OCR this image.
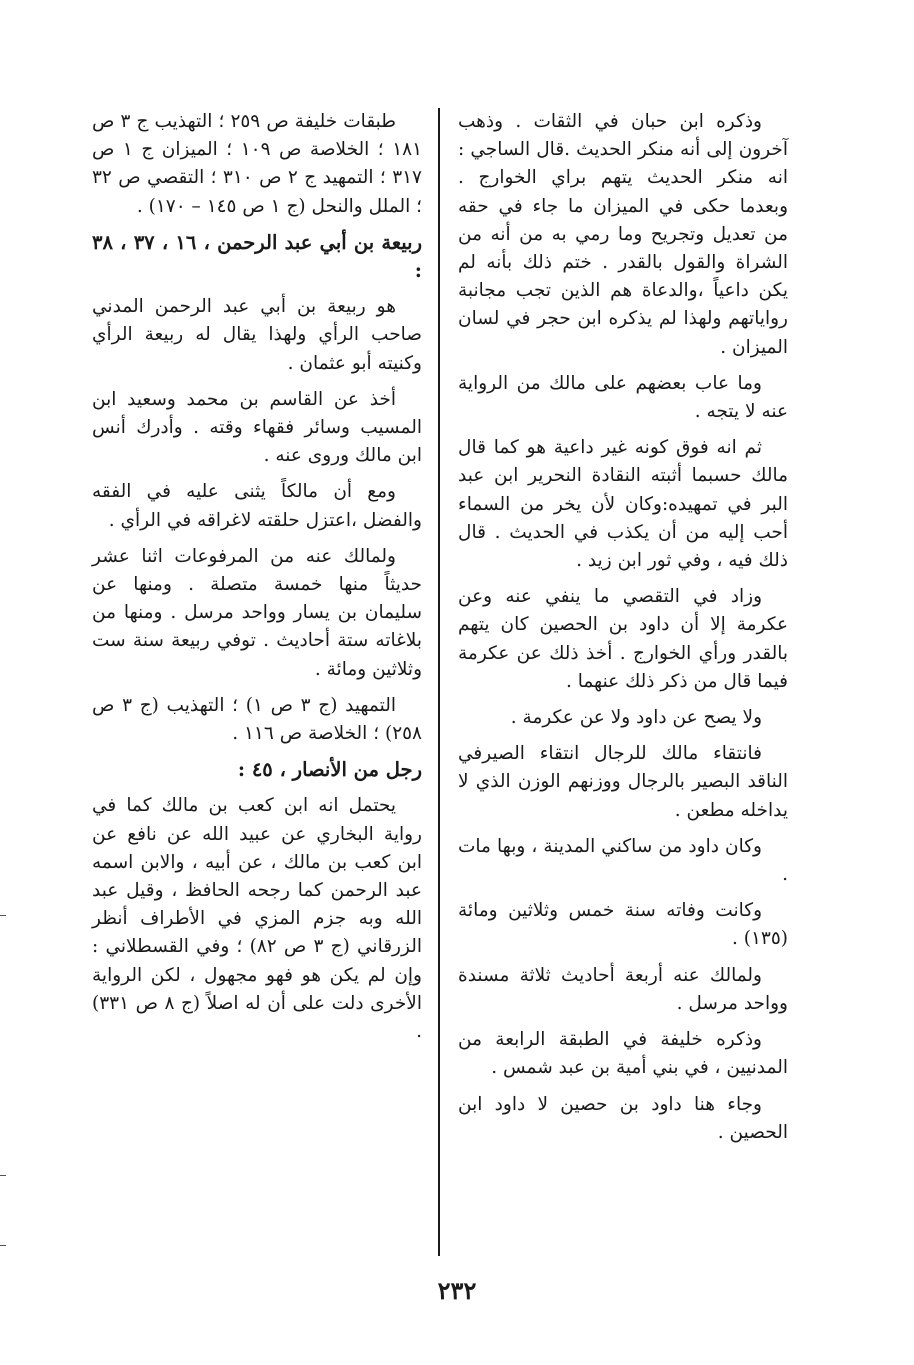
وذكره ابن حبان في الثقات . وذهب آخرون إلى أنه منكر الحديث .قال الساجي : انه منكر الحديث يتهم براي الخوارج . وبعدما حكى في الميزان ما جاء في حقه من تعديل وتجريح وما رمي به من أنه من الشراة والقول بالقدر . ختم ذلك بأنه لم يكن داعياً ،والدعاة هم الذين تجب مجانبة رواياتهم ولهذا لم يذكره ابن حجر في لسان الميزان .

وما عاب بعضهم على مالك من الرواية عنه لا يتجه .

ثم انه فوق كونه غير داعية هو كما قال مالك حسبما أثبته النقادة النحرير ابن عبد البر في تمهيده:وكان لأن يخر من السماء أحب إليه من أن يكذب في الحديث . قال ذلك فيه ، وفي ثور ابن زيد .

وزاد في التقصي ما ينفي عنه وعن عكرمة إلا أن داود بن الحصين كان يتهم بالقدر ورأي الخوارج . أخذ ذلك عن عكرمة فيما قال من ذكر ذلك عنهما .

ولا يصح عن داود ولا عن عكرمة .

فانتقاء مالك للرجال انتقاء الصيرفي الناقد البصير بالرجال ووزنهم الوزن الذي لا يداخله مطعن .

وكان داود من ساكني المدينة ، وبها مات .

وكانت وفاته سنة خمس وثلاثين ومائة (١٣٥) .

ولمالك عنه أربعة أحاديث ثلاثة مسندة وواحد مرسل .

وذكره خليفة في الطبقة الرابعة من المدنيين ، في بني أمية بن عبد شمس .

وجاء هنا داود بن حصين لا داود ابن الحصين .

طبقات خليفة ص ٢٥٩ ؛ التهذيب ج ٣ ص ١٨١ ؛ الخلاصة ص ١٠٩ ؛ الميزان ج ١ ص ٣١٧ ؛ التمهيد ج ٢ ص ٣١٠ ؛ التقصي ص ٣٢ ؛ الملل والنحل (ج ١ ص ١٤٥ – ١٧٠) .

ربيعة بن أبي عبد الرحمن ، ١٦ ، ٣٧ ، ٣٨ :

هو ربيعة بن أبي عبد الرحمن المدني صاحب الرأي ولهذا يقال له ربيعة الرأي وكنيته أبو عثمان .

أخذ عن القاسم بن محمد وسعيد ابن المسيب وسائر فقهاء وقته . وأدرك أنس ابن مالك وروى عنه .

ومع أن مالكاً يثنى عليه في الفقه والفضل ،اعتزل حلقته لاغراقه في الرأي .

ولمالك عنه من المرفوعات اثنا عشر حديثاً منها خمسة متصلة . ومنها عن سليمان بن يسار وواحد مرسل . ومنها من بلاغاته ستة أحاديث . توفي ربيعة سنة ست وثلاثين ومائة .

التمهيد (ج ٣ ص ١) ؛ التهذيب (ج ٣ ص ٢٥٨) ؛ الخلاصة ص ١١٦ .

رجل من الأنصار ، ٤٥ :

يحتمل انه ابن كعب بن مالك كما في رواية البخاري عن عبيد الله عن نافع عن ابن كعب بن مالك ، عن أبيه ، والابن اسمه عبد الرحمن كما رجحه الحافظ ، وقيل عبد الله وبه جزم المزي في الأطراف أنظر الزرقاني (ج ٣ ص ٨٢) ؛ وفي القسطلاني : وإن لم يكن هو فهو مجهول ، لكن الرواية الأخرى دلت على أن له اصلاً (ج ٨ ص ٣٣١) .

٢٣٢
